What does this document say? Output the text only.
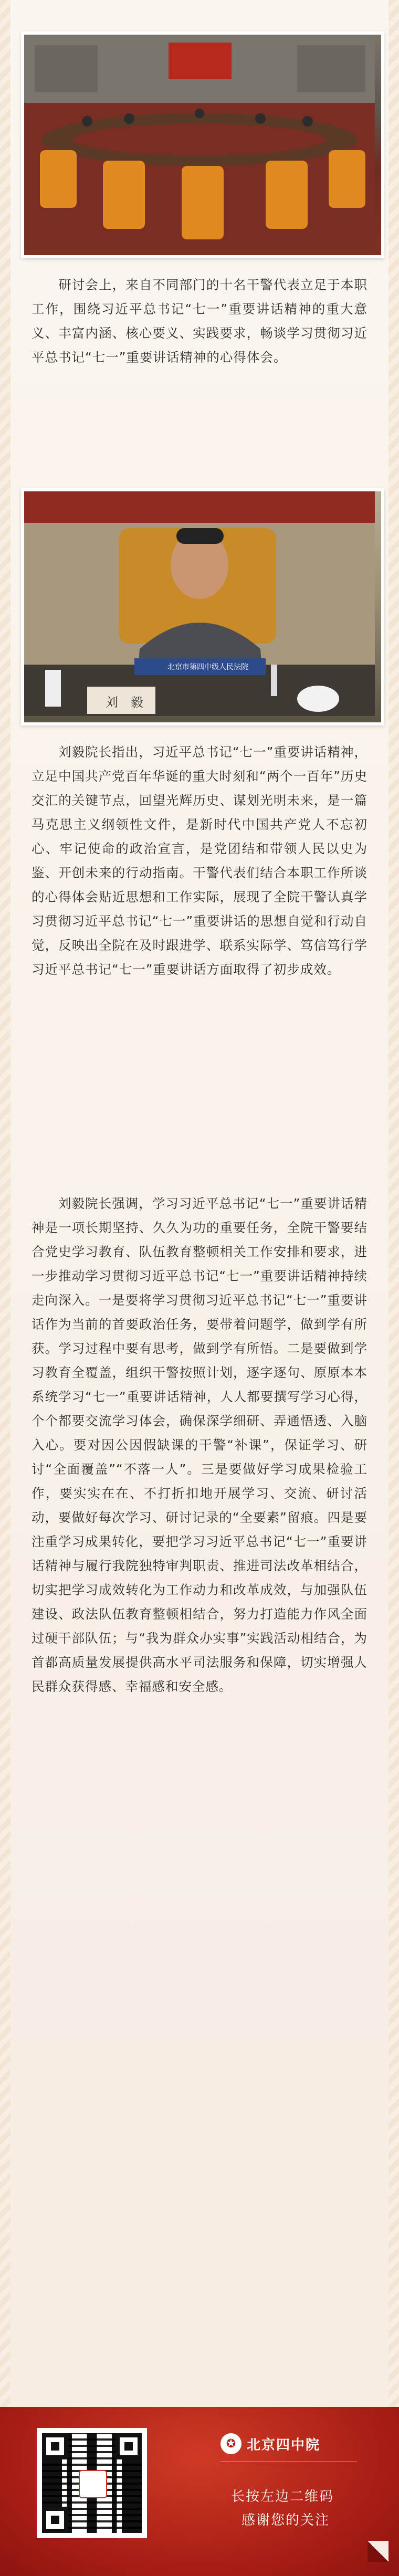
　　研讨会上，来自不同部门的十名干警代表立足于本职工作，围绕习近平总书记“七一”重要讲话精神的重大意义、丰富内涵、核心要义、实践要求，畅谈学习贯彻习近平总书记“七一”重要讲话精神的心得体会。
北京市第四中级人民法院
刘　毅
　　刘毅院长指出，习近平总书记“七一”重要讲话精神，立足中国共产党百年华诞的重大时刻和“两个一百年”历史交汇的关键节点，回望光辉历史、谋划光明未来，是一篇马克思主义纲领性文件，是新时代中国共产党人不忘初心、牢记使命的政治宣言，是党团结和带领人民以史为鉴、开创未来的行动指南。干警代表们结合本职工作所谈的心得体会贴近思想和工作实际，展现了全院干警认真学习贯彻习近平总书记“七一”重要讲话的思想自觉和行动自觉，反映出全院在及时跟进学、联系实际学、笃信笃行学习近平总书记“七一”重要讲话方面取得了初步成效。
　　刘毅院长强调，学习习近平总书记“七一”重要讲话精神是一项长期坚持、久久为功的重要任务，全院干警要结合党史学习教育、队伍教育整顿相关工作安排和要求，进一步推动学习贯彻习近平总书记“七一”重要讲话精神持续走向深入。一是要将学习贯彻习近平总书记“七一”重要讲话作为当前的首要政治任务，要带着问题学，做到学有所获。学习过程中要有思考，做到学有所悟。二是要做到学习教育全覆盖，组织干警按照计划，逐字逐句、原原本本系统学习“七一”重要讲话精神，人人都要撰写学习心得，个个都要交流学习体会，确保深学细研、弄通悟透、入脑入心。要对因公因假缺课的干警“补课”，保证学习、研讨“全面覆盖”“不落一人”。三是要做好学习成果检验工作，要实实在在、不打折扣地开展学习、交流、研讨活动，要做好每次学习、研讨记录的“全要素”留痕。四是要注重学习成果转化，要把学习习近平总书记“七一”重要讲话精神与履行我院独特审判职责、推进司法改革相结合，切实把学习成效转化为工作动力和改革成效，与加强队伍建设、政法队伍教育整顿相结合，努力打造能力作风全面过硬干部队伍；与“我为群众办实事”实践活动相结合，为首都高质量发展提供高水平司法服务和保障，切实增强人民群众获得感、幸福感和安全感。
✪ 北京四中院
长按左边二维码
感谢您的关注
